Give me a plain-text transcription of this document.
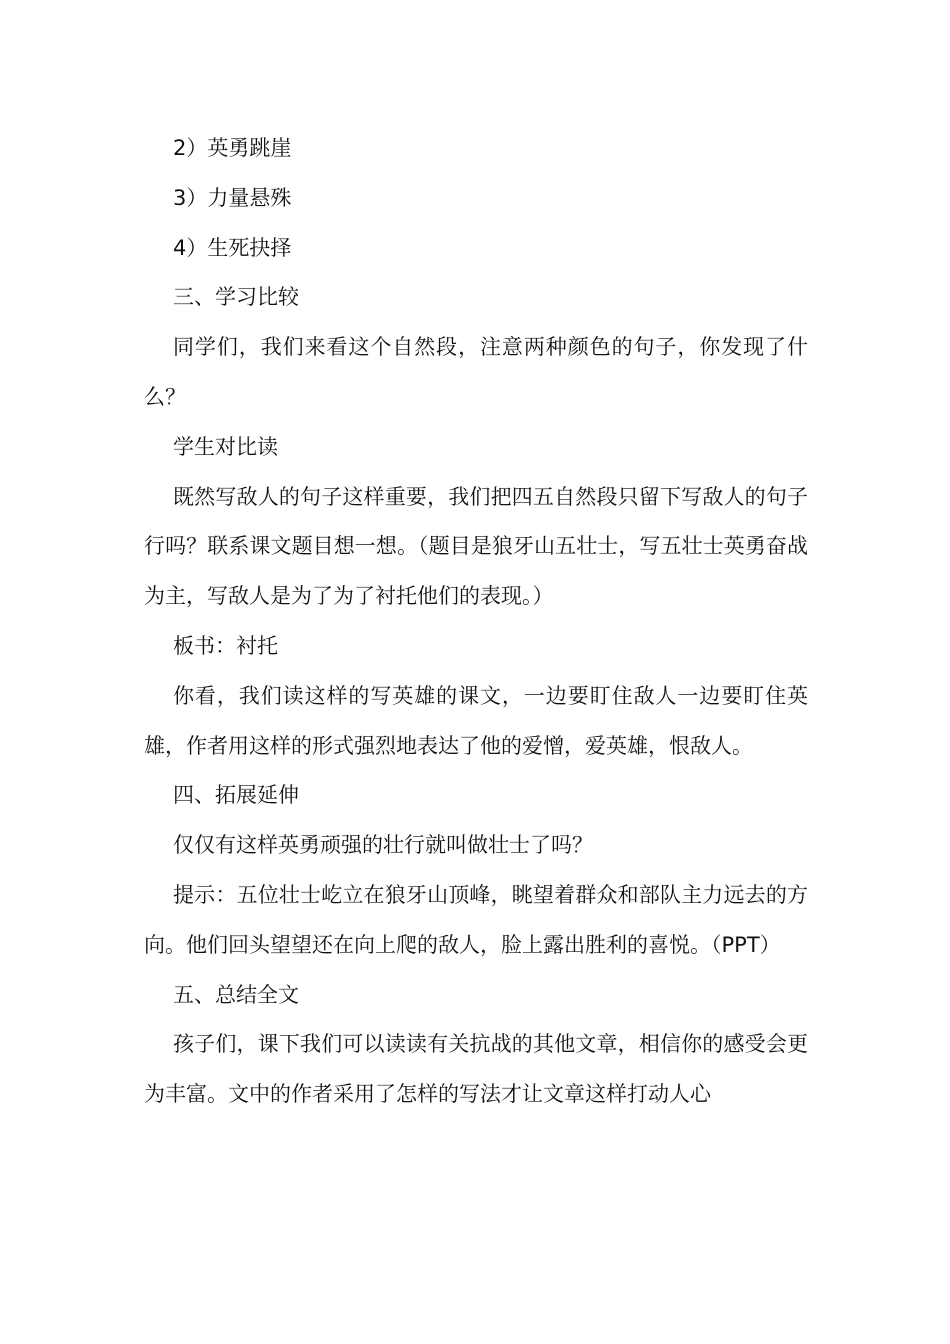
2）英勇跳崖

3）力量悬殊

4）生死抉择

三、学习比较

同学们，我们来看这个自然段，注意两种颜色的句子，你发现了什么？

学生对比读

既然写敌人的句子这样重要，我们把四五自然段只留下写敌人的句子行吗？联系课文题目想一想。（题目是狼牙山五壮士，写五壮士英勇奋战为主，写敌人是为了为了衬托他们的表现。）

板书：衬托

你看，我们读这样的写英雄的课文，一边要盯住敌人一边要盯住英雄，作者用这样的形式强烈地表达了他的爱憎，爱英雄，恨敌人。

四、拓展延伸

仅仅有这样英勇顽强的壮行就叫做壮士了吗？

提示：五位壮士屹立在狼牙山顶峰，眺望着群众和部队主力远去的方向。他们回头望望还在向上爬的敌人，脸上露出胜利的喜悦。（PPT）

五、总结全文

孩子们，课下我们可以读读有关抗战的其他文章，相信你的感受会更为丰富。文中的作者采用了怎样的写法才让文章这样打动人心
